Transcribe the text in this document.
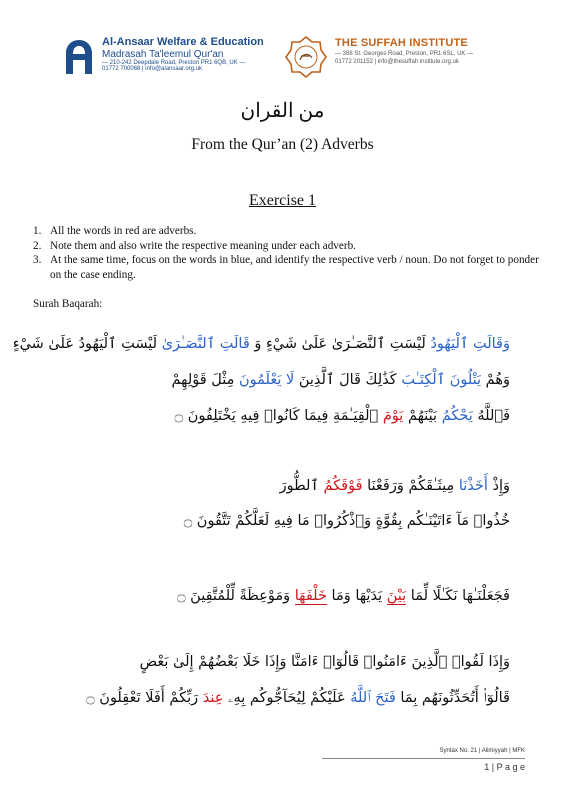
Al-Ansaar Welfare & Education
Madrasah Ta'leemul Qur'an
— 210-242 Deepdale Road, Preston PR1 6QB, UK —
01772 700068 | info@alansaar.org.uk
THE SUFFAH INSTITUTE
— 388 St. Georges Road, Preston, PR1 6SL, UK —
01772 201152 | info@thesuffah institute.org.uk
من القران
From the Qur’an (2) Adverbs
Exercise 1
1. All the words in red are adverbs.
2. Note them and also write the respective meaning under each adverb.
3. At the same time, focus on the words in blue, and identify the respective verb / noun. Do not forget to ponder on the case ending.
Surah Baqarah:
وَقَالَتِ ٱلْيَهُودُ لَيْسَتِ ٱلنَّصَـٰرَىٰ عَلَىٰ شَيْءٍ وَ قَالَتِ ٱلنَّصَـٰرَىٰ لَيْسَتِ ٱلْيَهُودُ عَلَىٰ شَيْءٍ
وَهُمْ يَتْلُونَ ٱلْكِتَـٰبَ كَذَٰلِكَ قَالَ ٱلَّذِينَ لَا يَعْلَمُونَ مِثْلَ قَوْلِهِمْ
فَٱللَّهُ يَحْكُمُ بَيْنَهُمْ يَوْمَ ٱلْقِيَـٰمَةِ فِيمَا كَانُوا۟ فِيهِ يَخْتَلِفُونَ ۝
وَإِذْ أَخَذْنَا مِيثَـٰقَكُمْ وَرَفَعْنَا فَوْقَكُمُ ٱلطُّورَ
خُذُوا۟ مَآ ءَاتَيْنَـٰكُم بِقُوَّةٍ وَٱذْكُرُوا۟ مَا فِيهِ لَعَلَّكُمْ تَتَّقُونَ ۝
فَجَعَلْنَـٰهَا نَكَـٰلًا لِّمَا بَيْنَ يَدَيْهَا وَمَا خَلْفَهَا وَمَوْعِظَةً لِّلْمُتَّقِينَ ۝
وَإِذَا لَقُوا۟ ٱلَّذِينَ ءَامَنُوا۟ قَالُوٓا۟ ءَامَنَّا وَإِذَا خَلَا بَعْضُهُمْ إِلَىٰ بَعْضٍ
قَالُوٓا۟ أَتُحَدِّثُونَهُم بِمَا فَتَحَ ٱللَّهُ عَلَيْكُمْ لِيُحَآجُّوكُم بِهِۦ عِندَ رَبِّكُمْ أَفَلَا تَعْقِلُونَ ۝
Syntax No. 21 | Alimiyyah | MFK
1 | P a g e
